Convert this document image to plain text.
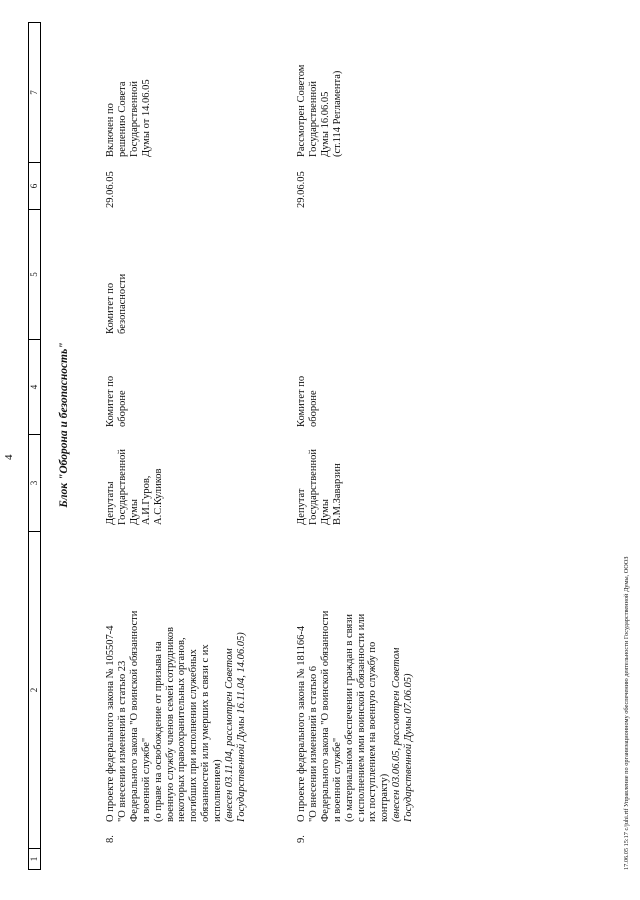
4
1
2
3
4
5
6
7
Блок "Оборона и безопасность"
8.
О проекте федерального закона № 105507-4 "О внесении изменений в статью 23 Федерального закона "О воинской обязанности и военной службе" (о праве на освобождение от призыва на военную службу членов семей сотрудников некоторых правоохранительных органов, погибших при исполнении служебных обязанностей или умерших в связи с их исполнением) (внесен 03.11.04, рассмотрен Советом Государственной Думы 16.11.04, 14.06.05)
Депутаты Государственной Думы А.И.Гуров, А.С.Куликов
Комитет по обороне
Комитет по безопасности
29.06.05
Включен по решению Совета Государственной Думы от 14.06.05
9.
О проекте федерального закона № 181166-4 "О внесении изменений в статью 6 Федерального закона "О воинской обязанности и военной службе" (о материальном обеспечении граждан в связи с исполнением ими воинской обязанности или их поступлением на военную службу по контракту) (внесен 03.06.05, рассмотрен Советом Государственной Думы 07.06.05)
Депутат Государственной Думы В.М.Заварзин
Комитет по обороне
29.06.05
Рассмотрен Советом Государственной Думы 16.06.05 (ст.114 Регламента)
17.06.05 15:17 c/juhi.rtf Управление по организационному обеспечению деятельности Государственной Думы, ОООЗ
